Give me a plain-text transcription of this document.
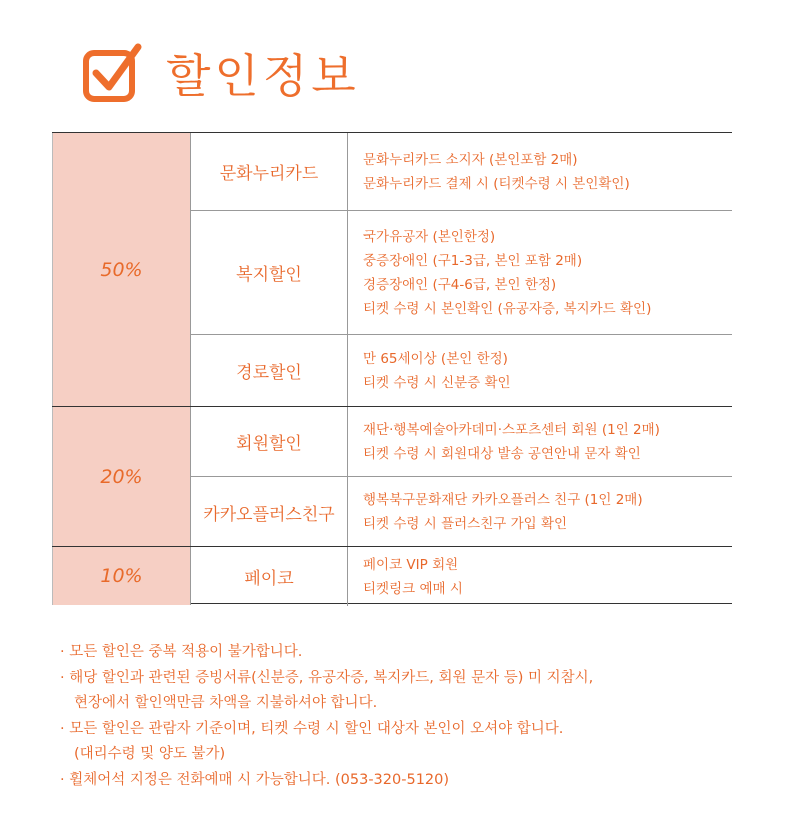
할인정보
50%
문화누리카드
문화누리카드 소지자 (본인포함 2매)
문화누리카드 결제 시 (티켓수령 시 본인확인)
복지할인
국가유공자 (본인한정)
중증장애인 (구1-3급, 본인 포함 2매)
경증장애인 (구4-6급, 본인 한정)
티켓 수령 시 본인확인 (유공자증, 복지카드 확인)
경로할인
만 65세이상 (본인 한정)
티켓 수령 시 신분증 확인
20%
회원할인
재단·행복예술아카데미·스포츠센터 회원 (1인 2매)
티켓 수령 시 회원대상 발송 공연안내 문자 확인
카카오플러스친구
행복북구문화재단 카카오플러스 친구 (1인 2매)
티켓 수령 시 플러스친구 가입 확인
10%	페이코
페이코 VIP 회원
티켓링크 예매 시
· 모든 할인은 중복 적용이 불가합니다.
· 해당 할인과 관련된 증빙서류(신분증, 유공자증, 복지카드, 회원 문자 등) 미 지참시,
현장에서 할인액만큼 차액을 지불하셔야 합니다.
· 모든 할인은 관람자 기준이며, 티켓 수령 시 할인 대상자 본인이 오셔야 합니다.
(대리수령 및 양도 불가)
· 휠체어석 지정은 전화예매 시 가능합니다. (053-320-5120)
